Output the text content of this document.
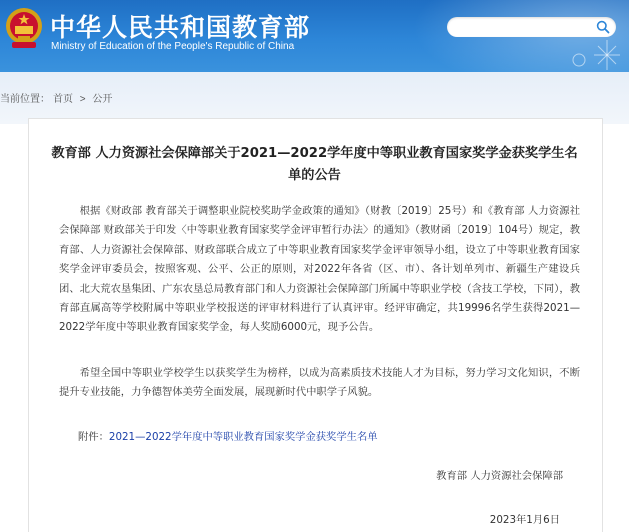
中华人民共和国教育部
Ministry of Education of the People's Republic of China
当前位置： 首页 > 公开
教育部 人力资源社会保障部关于2021—2022学年度中等职业教育国家奖学金获奖学生名单的公告

根据《财政部 教育部关于调整职业院校奖助学金政策的通知》（财教〔2019〕25号）和《教育部 人力资源社会保障部 财政部关于印发〈中等职业教育国家奖学金评审暂行办法〉的通知》（教财函〔2019〕104号）规定，教育部、人力资源社会保障部、财政部联合成立了中等职业教育国家奖学金评审领导小组，设立了中等职业教育国家奖学金评审委员会，按照客观、公平、公正的原则，对2022年各省（区、市）、各计划单列市、新疆生产建设兵团、北大荒农垦集团、广东农垦总局教育部门和人力资源社会保障部门所属中等职业学校（含技工学校，下同），教育部直属高等学校附属中等职业学校报送的评审材料进行了认真评审。经评审确定，共19996名学生获得2021—2022学年度中等职业教育国家奖学金，每人奖励6000元，现予公告。

希望全国中等职业学校学生以获奖学生为榜样，以成为高素质技术技能人才为目标，努力学习文化知识，不断提升专业技能，力争德智体美劳全面发展，展现新时代中职学子风貌。

附件：2021—2022学年度中等职业教育国家奖学金获奖学生名单
教育部 人力资源社会保障部
2023年1月6日
